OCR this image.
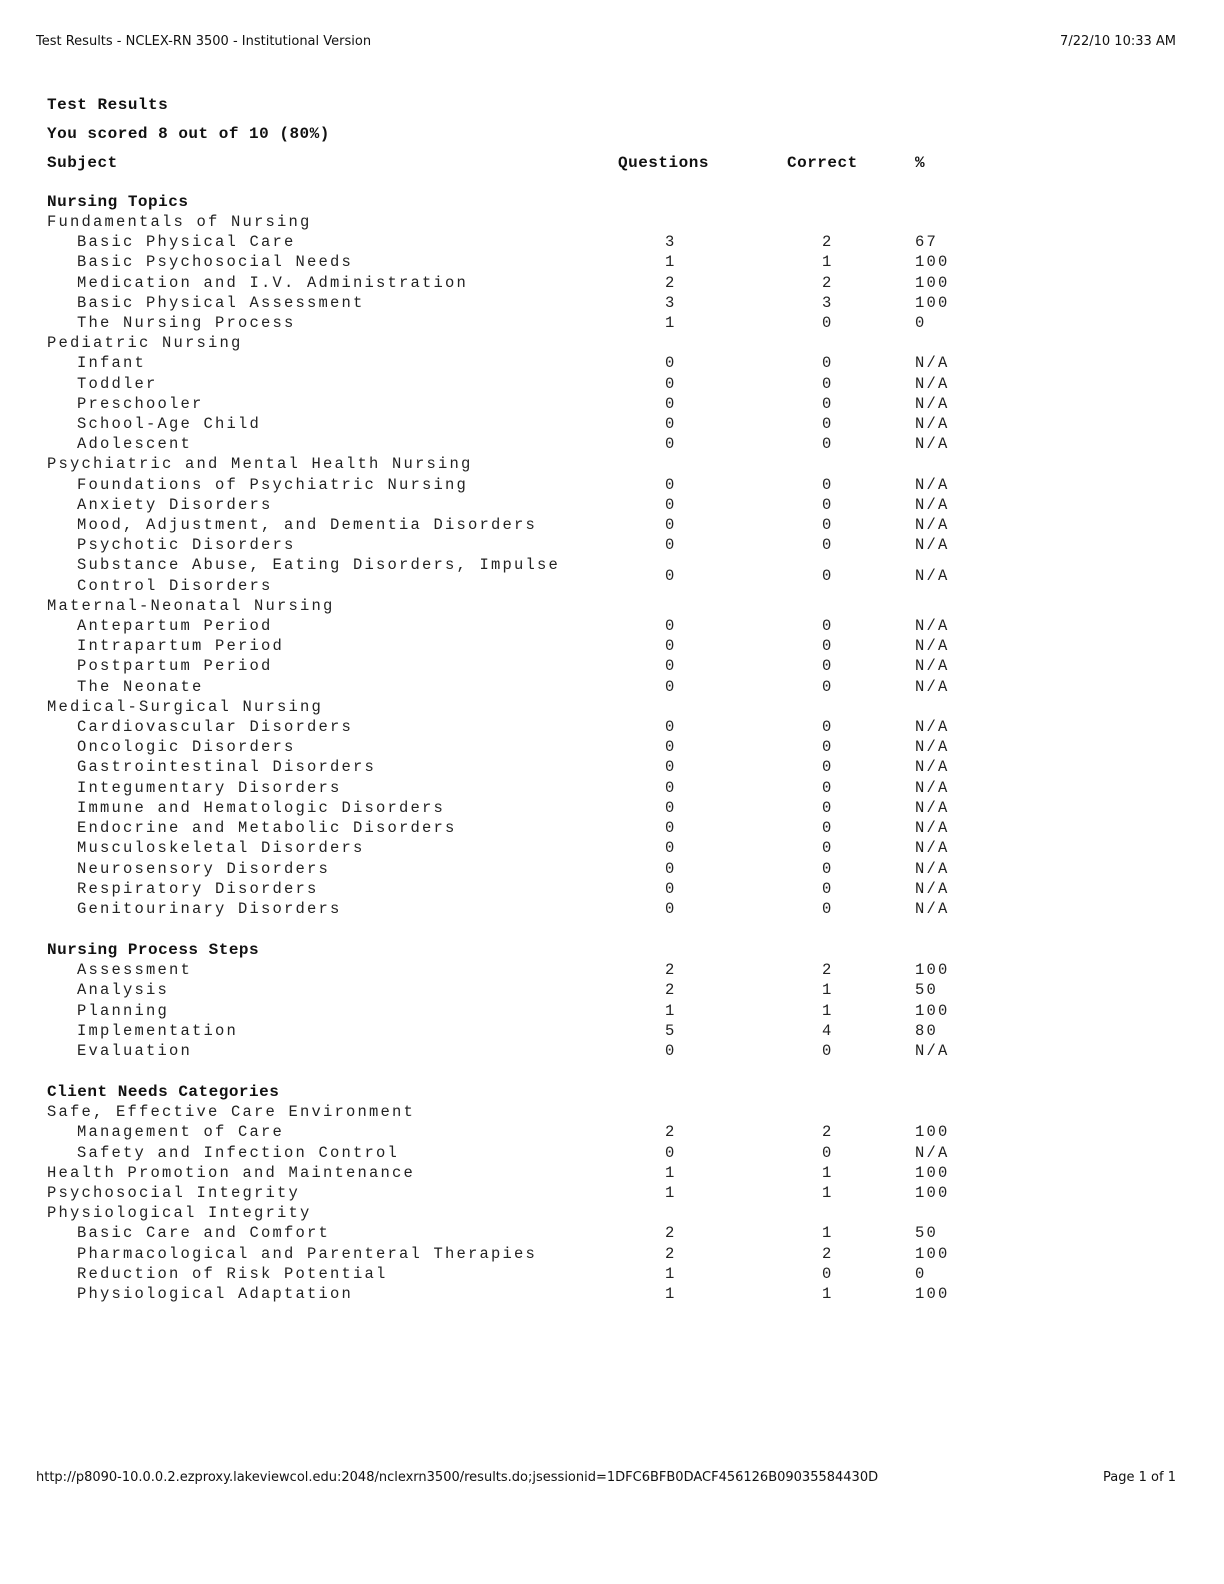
Test Results - NCLEX-RN 3500 - Institutional Version	7/22/10 10:33 AM
Test Results
You scored 8 out of 10 (80%)
Subject	Questions	Correct	%
Nursing Topics
Fundamentals of Nursing
Basic Physical Care	3	2	67
Basic Psychosocial Needs	1	1	100
Medication and I.V. Administration	2	2	100
Basic Physical Assessment	3	3	100
The Nursing Process	1	0	0
Pediatric Nursing
Infant	0	0	N/A
Toddler	0	0	N/A
Preschooler	0	0	N/A
School-Age Child	0	0	N/A
Adolescent	0	0	N/A
Psychiatric and Mental Health Nursing
Foundations of Psychiatric Nursing	0	0	N/A
Anxiety Disorders	0	0	N/A
Mood, Adjustment, and Dementia Disorders	0	0	N/A
Psychotic Disorders	0	0	N/A
Substance Abuse, Eating Disorders, Impulse Control Disorders
0	0	N/A
Maternal-Neonatal Nursing
Antepartum Period	0	0	N/A
Intrapartum Period	0	0	N/A
Postpartum Period	0	0	N/A
The Neonate	0	0	N/A
Medical-Surgical Nursing
Cardiovascular Disorders	0	0	N/A
Oncologic Disorders	0	0	N/A
Gastrointestinal Disorders	0	0	N/A
Integumentary Disorders	0	0	N/A
Immune and Hematologic Disorders	0	0	N/A
Endocrine and Metabolic Disorders	0	0	N/A
Musculoskeletal Disorders	0	0	N/A
Neurosensory Disorders	0	0	N/A
Respiratory Disorders	0	0	N/A
Genitourinary Disorders	0	0	N/A
Nursing Process Steps
Assessment	2	2	100
Analysis	2	1	50
Planning	1	1	100
Implementation	5	4	80
Evaluation	0	0	N/A
Client Needs Categories
Safe, Effective Care Environment
Management of Care	2	2	100
Safety and Infection Control	0	0	N/A
Health Promotion and Maintenance	1	1	100
Psychosocial Integrity	1	1	100
Physiological Integrity
Basic Care and Comfort	2	1	50
Pharmacological and Parenteral Therapies	2	2	100
Reduction of Risk Potential	1	0	0
Physiological Adaptation	1	1	100
http://p8090-10.0.0.2.ezproxy.lakeviewcol.edu:2048/nclexrn3500/results.do;jsessionid=1DFC6BFB0DACF456126B09035584430D	Page 1 of 1
